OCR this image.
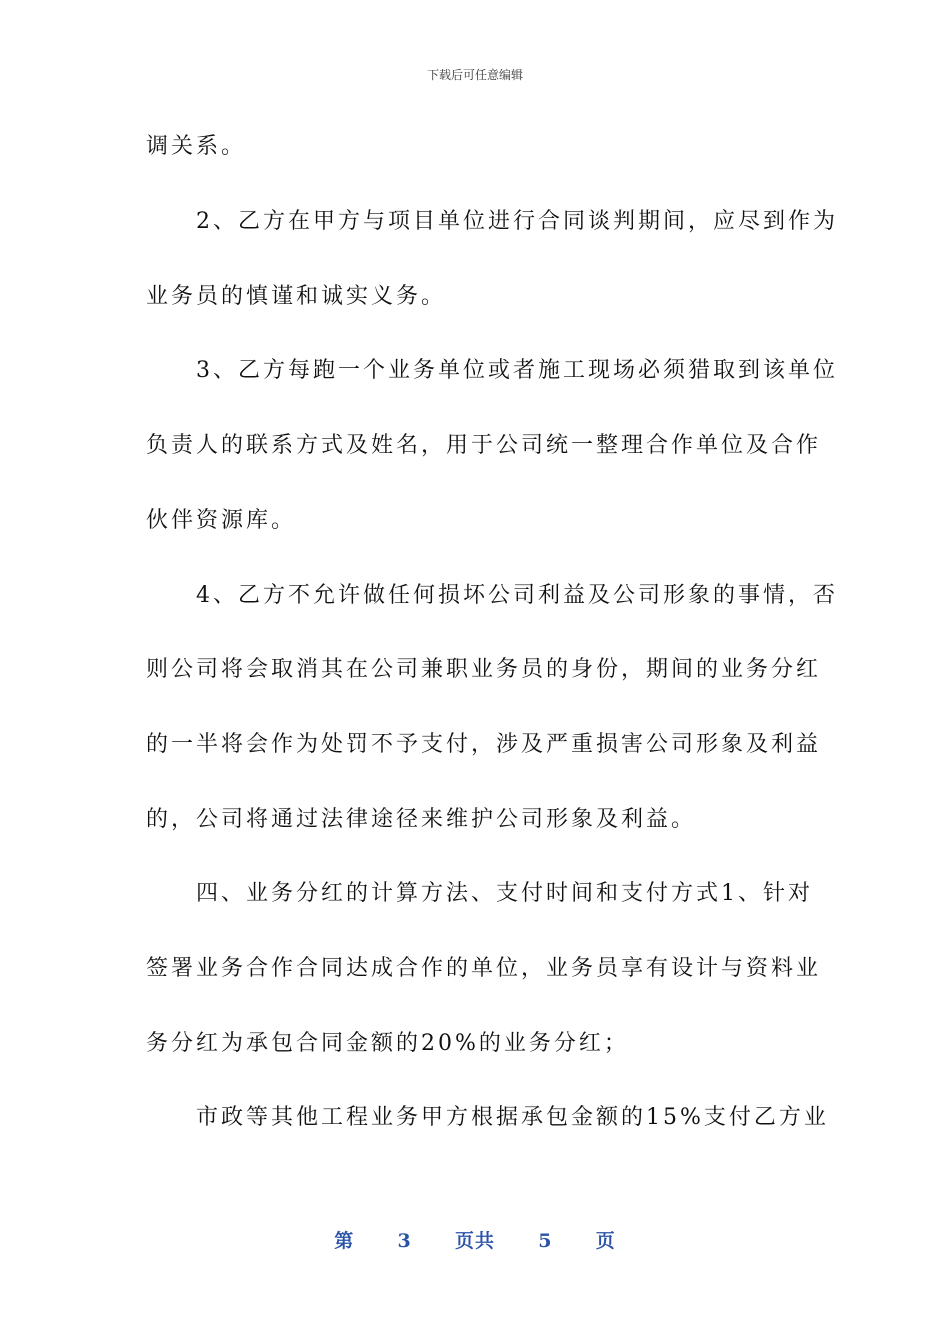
下载后可任意编辑
调关系。
　　2、乙方在甲方与项目单位进行合同谈判期间，应尽到作为
业务员的慎谨和诚实义务。
　　3、乙方每跑一个业务单位或者施工现场必须猎取到该单位
负责人的联系方式及姓名，用于公司统一整理合作单位及合作
伙伴资源库。
　　4、乙方不允许做任何损坏公司利益及公司形象的事情，否
则公司将会取消其在公司兼职业务员的身份，期间的业务分红
的一半将会作为处罚不予支付，涉及严重损害公司形象及利益
的，公司将通过法律途径来维护公司形象及利益。
　　四、业务分红的计算方法、支付时间和支付方式1、针对
签署业务合作合同达成合作的单位，业务员享有设计与资料业
务分红为承包合同金额的20%的业务分红；
　　市政等其他工程业务甲方根据承包金额的15%支付乙方业
第 3 页共 5 页
